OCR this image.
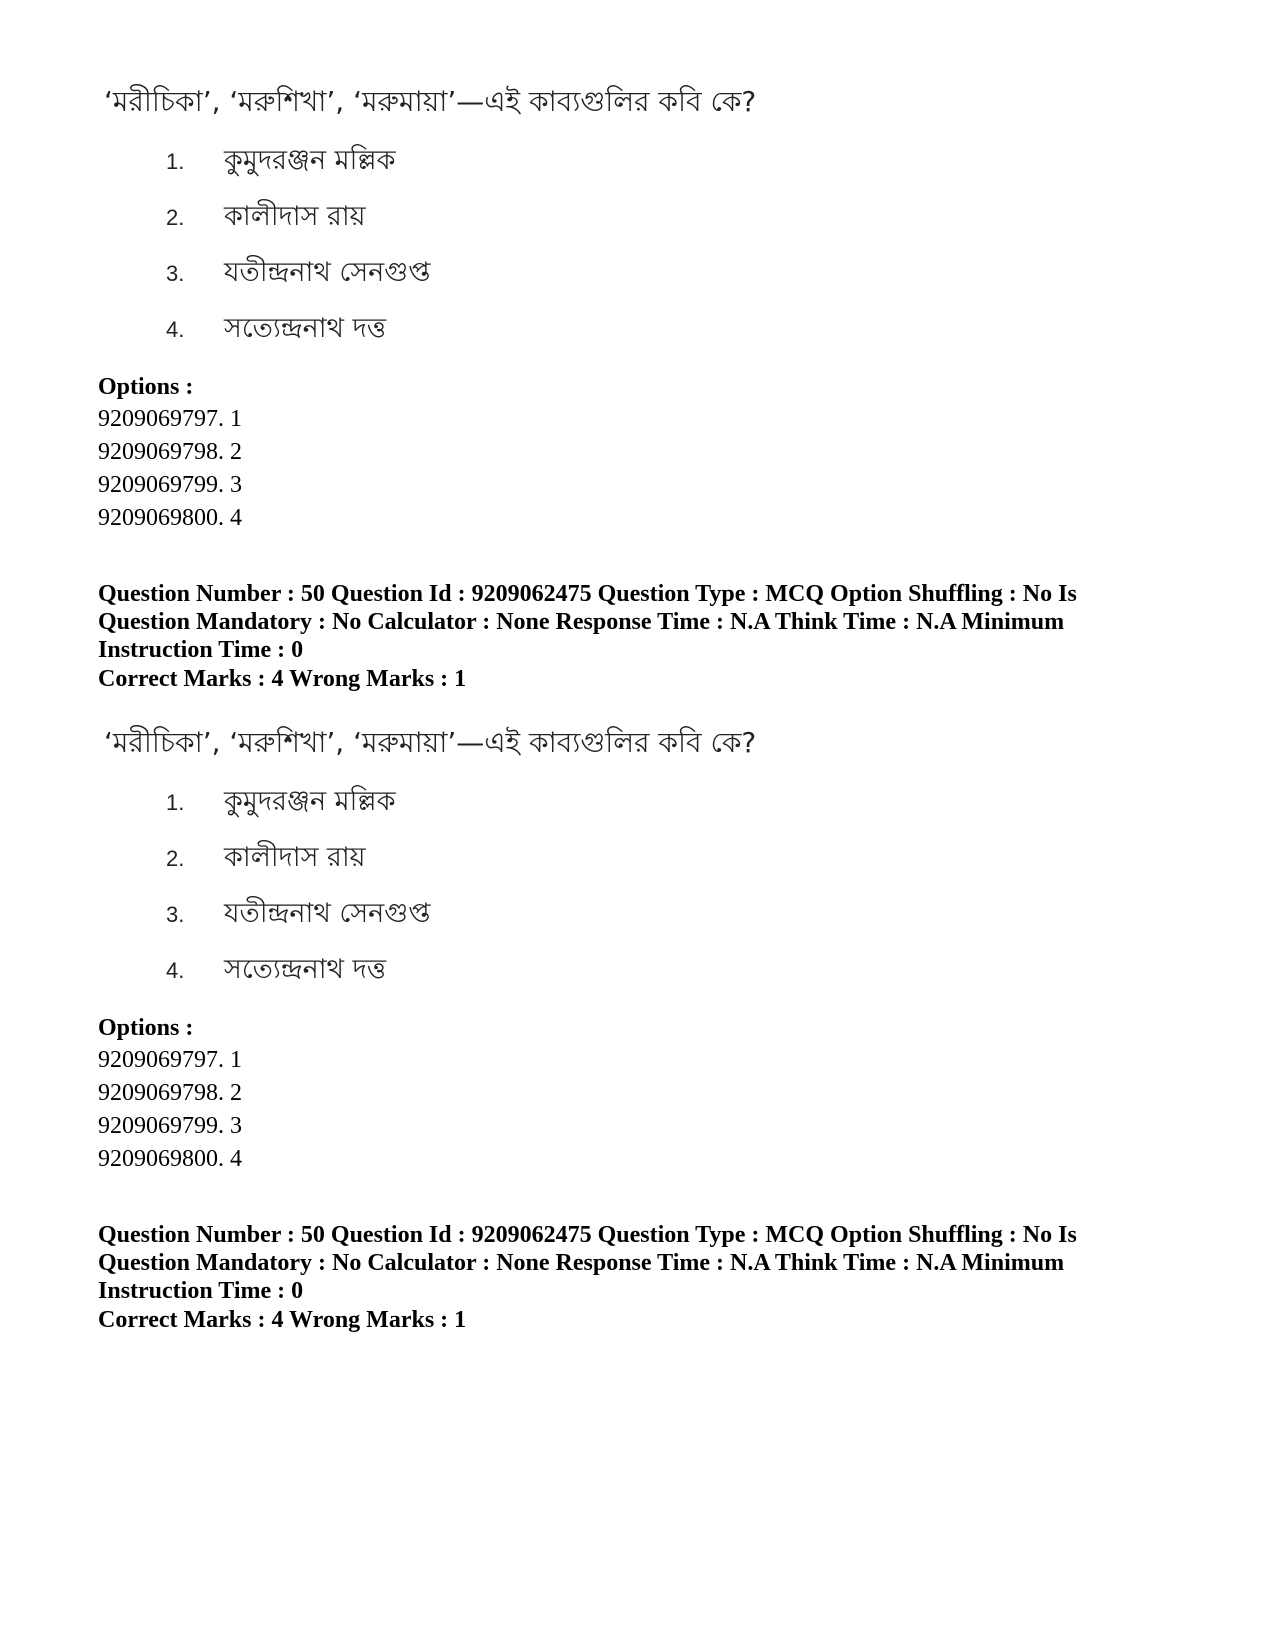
‘মরীচিকা’, ‘মরুশিখা’, ‘মরুমায়া’—এই কাব্যগুলির কবি কে?
1. কুমুদরঞ্জন মল্লিক
2. কালীদাস রায়
3. যতীন্দ্রনাথ সেনগুপ্ত
4. সত্যেন্দ্রনাথ দত্ত
Options :
9209069797. 1
9209069798. 2
9209069799. 3
9209069800. 4
Question Number : 50 Question Id : 9209062475 Question Type : MCQ Option Shuffling : No Is
Question Mandatory : No Calculator : None Response Time : N.A Think Time : N.A Minimum
Instruction Time : 0
Correct Marks : 4 Wrong Marks : 1
‘মরীচিকা’, ‘মরুশিখা’, ‘মরুমায়া’—এই কাব্যগুলির কবি কে?
1. কুমুদরঞ্জন মল্লিক
2. কালীদাস রায়
3. যতীন্দ্রনাথ সেনগুপ্ত
4. সত্যেন্দ্রনাথ দত্ত
Options :
9209069797. 1
9209069798. 2
9209069799. 3
9209069800. 4
Question Number : 50 Question Id : 9209062475 Question Type : MCQ Option Shuffling : No Is
Question Mandatory : No Calculator : None Response Time : N.A Think Time : N.A Minimum
Instruction Time : 0
Correct Marks : 4 Wrong Marks : 1
